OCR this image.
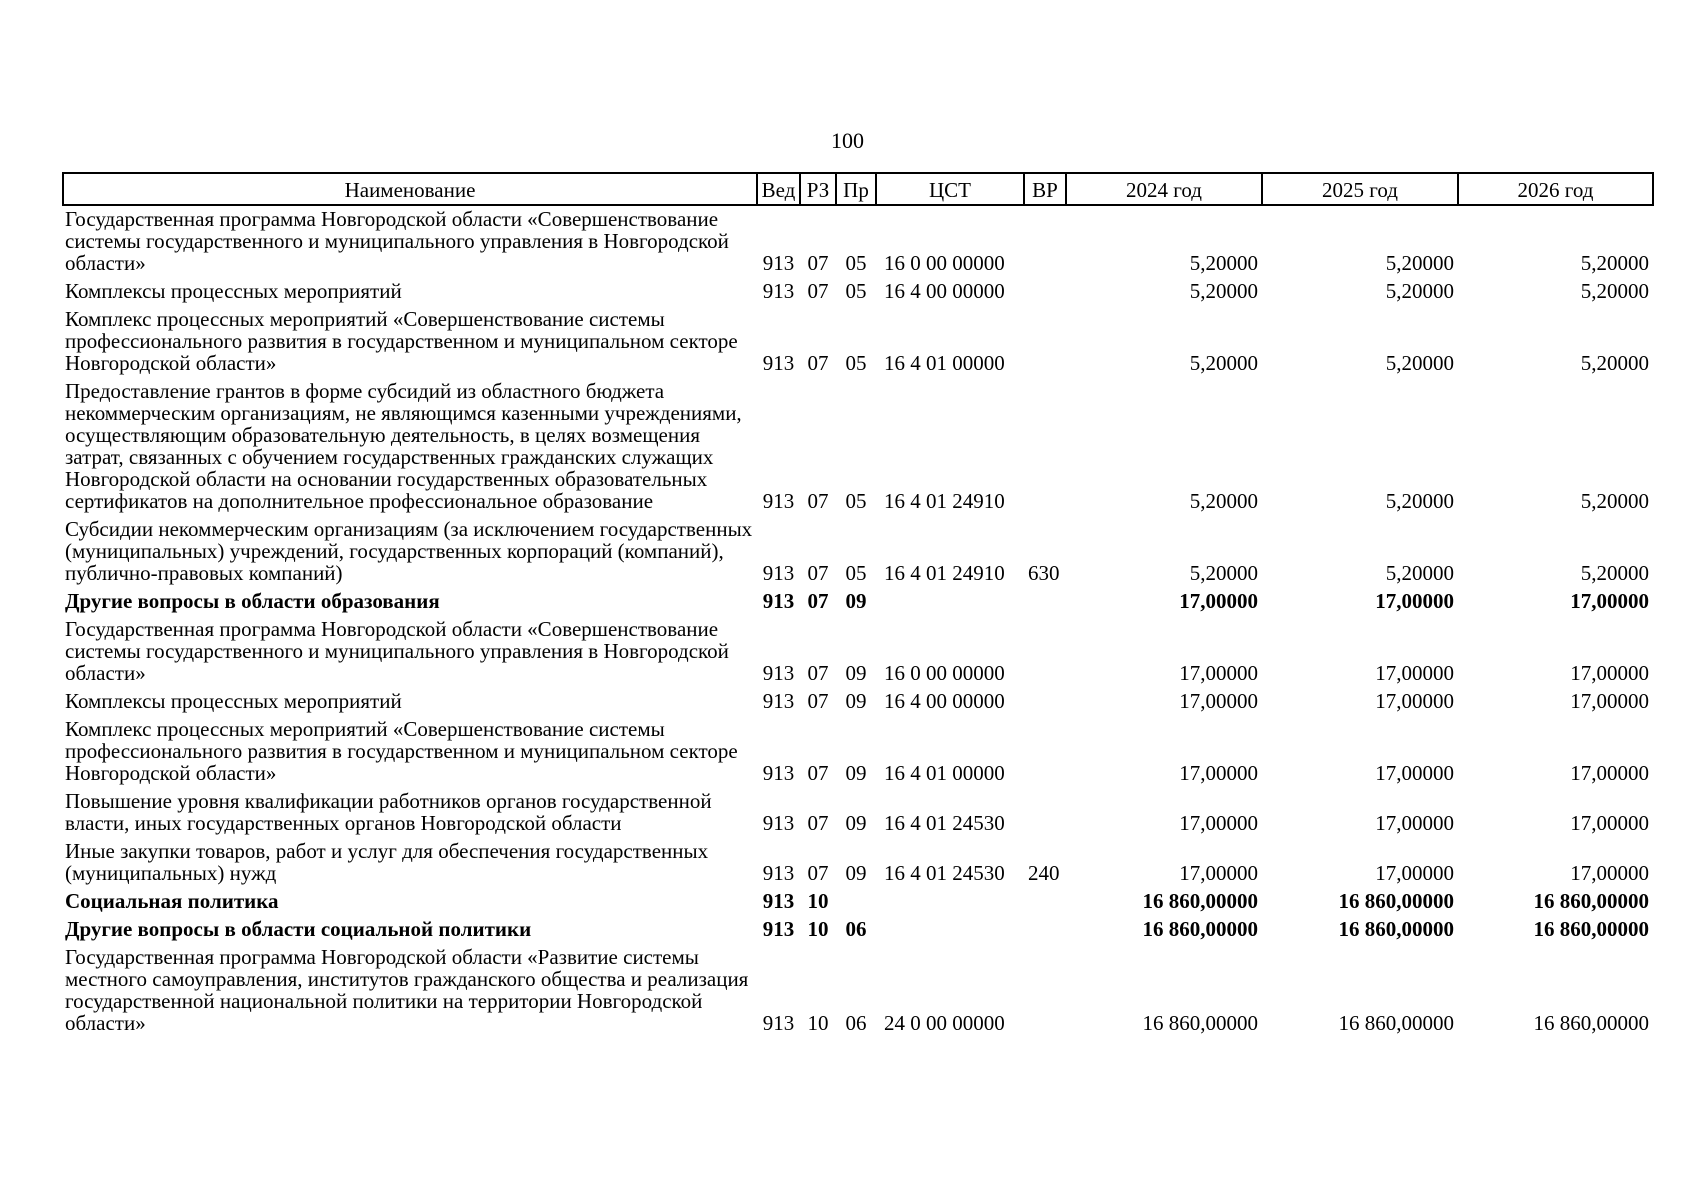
100
Наименование	Вед	РЗ	Пр	ЦСТ	ВР	2024 год	2025 год	2026 год
Государственная программа Новгородской области «Совершенствование системы государственного и муниципального управления в Новгородской области»	913	07	05	16 0 00 00000		5,20000	5,20000	5,20000
Комплексы процессных мероприятий	913	07	05	16 4 00 00000		5,20000	5,20000	5,20000
Комплекс процессных мероприятий «Совершенствование системы профессионального развития в государственном и муниципальном секторе Новгородской области»	913	07	05	16 4 01 00000		5,20000	5,20000	5,20000
Предоставление грантов в форме субсидий из областного бюджета некоммерческим организациям, не являющимся казенными учреждениями, осуществляющим образовательную деятельность, в целях возмещения затрат, связанных с обучением государственных гражданских служащих Новгородской области на основании государственных образовательных сертификатов на дополнительное профессиональное образование	913	07	05	16 4 01 24910		5,20000	5,20000	5,20000
Субсидии некоммерческим организациям (за исключением государственных (муниципальных) учреждений, государственных корпораций (компаний), публично-правовых компаний)	913	07	05	16 4 01 24910	630	5,20000	5,20000	5,20000
Другие вопросы в области образования	913	07	09			17,00000	17,00000	17,00000
Государственная программа Новгородской области «Совершенствование системы государственного и муниципального управления в Новгородской области»	913	07	09	16 0 00 00000		17,00000	17,00000	17,00000
Комплексы процессных мероприятий	913	07	09	16 4 00 00000		17,00000	17,00000	17,00000
Комплекс процессных мероприятий «Совершенствование системы профессионального развития в государственном и муниципальном секторе Новгородской области»	913	07	09	16 4 01 00000		17,00000	17,00000	17,00000
Повышение уровня квалификации работников органов государственной власти, иных государственных органов Новгородской области	913	07	09	16 4 01 24530		17,00000	17,00000	17,00000
Иные закупки товаров, работ и услуг для обеспечения государственных (муниципальных) нужд	913	07	09	16 4 01 24530	240	17,00000	17,00000	17,00000
Социальная политика	913	10				16 860,00000	16 860,00000	16 860,00000
Другие вопросы в области социальной политики	913	10	06			16 860,00000	16 860,00000	16 860,00000
Государственная программа Новгородской области «Развитие системы местного самоуправления, институтов гражданского общества и реализация государственной национальной политики на территории Новгородской области»	913	10	06	24 0 00 00000		16 860,00000	16 860,00000	16 860,00000
